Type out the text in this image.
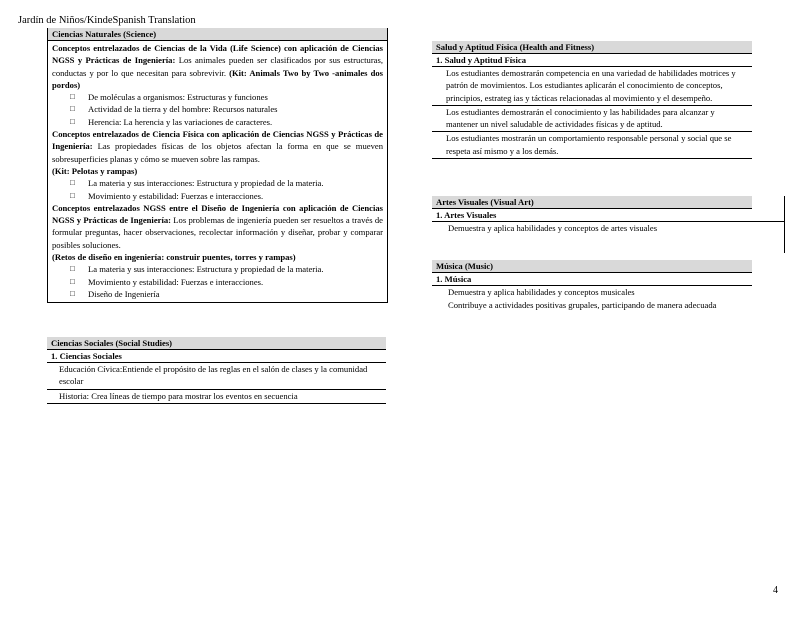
Jardín de Niños/KindeSpanish Translation
Ciencias Naturales (Science)

Conceptos entrelazados de Ciencias de la Vida (Life Science) con aplicación de Ciencias NGSS y Prácticas de Ingeniería: Los animales pueden ser clasificados por sus estructuras, conductas y por lo que necesitan para sobrevivir. (Kit: Animals Two by Two -animales dos pordos)

□ De moléculas a organismos: Estructuras y funciones
□ Actividad de la tierra y del hombre: Recursos naturales
□ Herencia: La herencia y las variaciones de caracteres.

Conceptos entrelazados de Ciencia Física con aplicación de Ciencias NGSS y Prácticas de Ingeniería: Las propiedades físicas de los objetos afectan la forma en que se mueven sobresuperficies planas y cómo se mueven sobre las rampas.
(Kit: Pelotas y rampas)

□ La materia y sus interacciones: Estructura y propiedad de la materia.
□ Movimiento y estabilidad: Fuerzas e interacciones.

Conceptos entrelazados NGSS entre el Diseño de Ingeniería con aplicación de Ciencias NGSS y Prácticas de Ingeniería: Los problemas de ingeniería pueden ser resueltos a través de formular preguntas, hacer observaciones, recolectar información y diseñar, probar y comparar posibles soluciones.
(Retos de diseño en ingeniería: construir puentes, torres y rampas)

□ La materia y sus interacciones: Estructura y propiedad de la materia.
□ Movimiento y estabilidad: Fuerzas e interacciones.
□ Diseño de Ingeniería
Ciencias Sociales (Social Studies)
1. Ciencias Sociales
Educación Cívica:Entiende el propósito de las reglas en el salón de clases y la comunidad escolar
Historia: Crea líneas de tiempo para mostrar los eventos en secuencia
Salud y Aptitud Física (Health and Fitness)
1. Salud y Aptitud Física
Los estudiantes demostrarán competencia en una variedad de habilidades motrices y patrón de movimientos. Los estudiantes aplicarán el conocimiento de conceptos, principios, estrateg ias y tácticas relacionadas al movimiento y el desempeño.
Los estudiantes demostrarán el conocimiento y las habilidades para alcanzar y mantener un nivel saludable de actividades físicas y de aptitud.
Los estudiantes mostrarán un comportamiento responsable personal y social que se respeta así mismo y a los demás.
Artes Visuales (Visual Art)
1. Artes Visuales
Demuestra y aplica habilidades y conceptos de artes visuales
Música (Music)
1. Música
Demuestra y aplica habilidades y conceptos musicales
Contribuye a actividades positivas grupales, participando de manera adecuada
4
